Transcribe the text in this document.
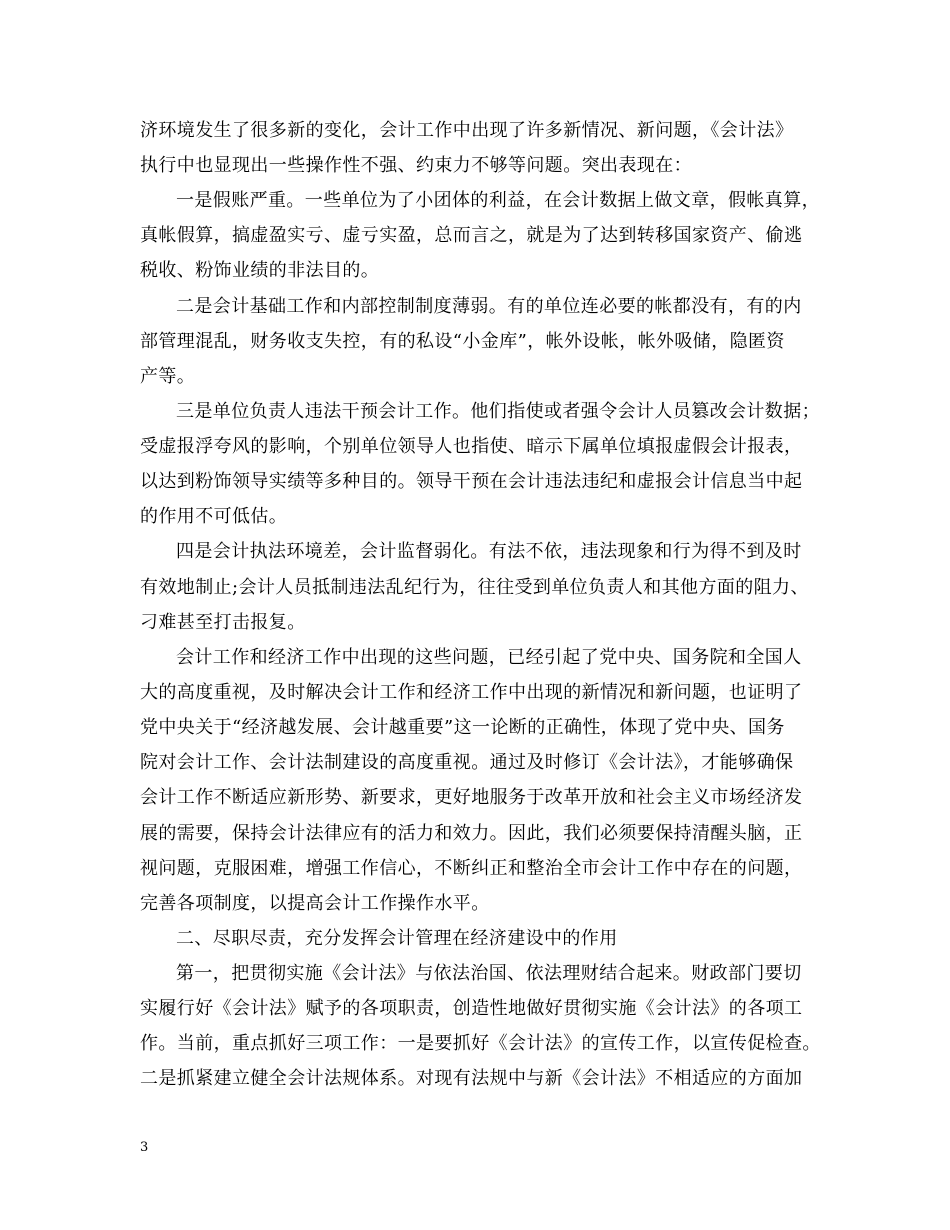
济环境发生了很多新的变化，会计工作中出现了许多新情况、新问题，《会计法》
执行中也显现出一些操作性不强、约束力不够等问题。突出表现在：
一是假账严重。一些单位为了小团体的利益，在会计数据上做文章，假帐真算，
真帐假算，搞虚盈实亏、虚亏实盈，总而言之，就是为了达到转移国家资产、偷逃
税收、粉饰业绩的非法目的。
二是会计基础工作和内部控制制度薄弱。有的单位连必要的帐都没有，有的内
部管理混乱，财务收支失控，有的私设“小金库”，帐外设帐，帐外吸储，隐匿资
产等。
三是单位负责人违法干预会计工作。他们指使或者强令会计人员篡改会计数据；
受虚报浮夸风的影响，个别单位领导人也指使、暗示下属单位填报虚假会计报表，
以达到粉饰领导实绩等多种目的。领导干预在会计违法违纪和虚报会计信息当中起
的作用不可低估。
四是会计执法环境差，会计监督弱化。有法不依，违法现象和行为得不到及时
有效地制止;会计人员抵制违法乱纪行为，往往受到单位负责人和其他方面的阻力、
刁难甚至打击报复。
会计工作和经济工作中出现的这些问题，已经引起了党中央、国务院和全国人
大的高度重视，及时解决会计工作和经济工作中出现的新情况和新问题，也证明了
党中央关于“经济越发展、会计越重要”这一论断的正确性，体现了党中央、国务
院对会计工作、会计法制建设的高度重视。通过及时修订《会计法》，才能够确保
会计工作不断适应新形势、新要求，更好地服务于改革开放和社会主义市场经济发
展的需要，保持会计法律应有的活力和效力。因此，我们必须要保持清醒头脑，正
视问题，克服困难，增强工作信心，不断纠正和整治全市会计工作中存在的问题，
完善各项制度，以提高会计工作操作水平。
二、尽职尽责，充分发挥会计管理在经济建设中的作用
第一，把贯彻实施《会计法》与依法治国、依法理财结合起来。财政部门要切
实履行好《会计法》赋予的各项职责，创造性地做好贯彻实施《会计法》的各项工
作。当前，重点抓好三项工作：一是要抓好《会计法》的宣传工作，以宣传促检查。
二是抓紧建立健全会计法规体系。对现有法规中与新《会计法》不相适应的方面加
3
